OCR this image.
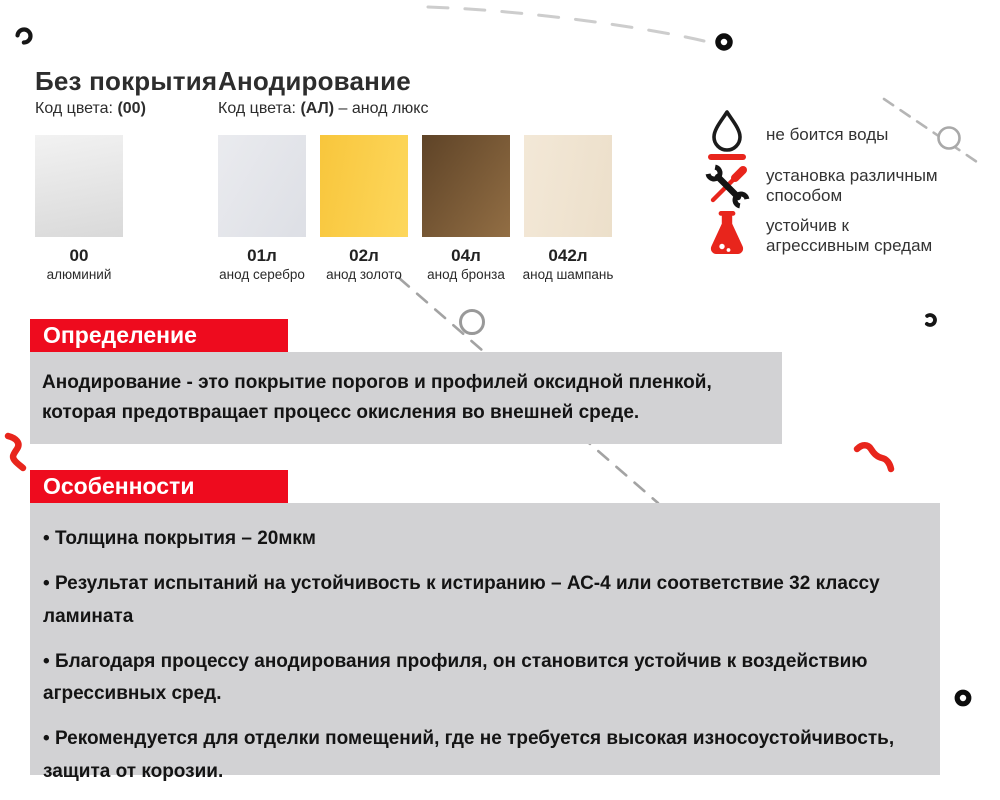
Без покрытия
Код цвета: (00)
Анодирование
Код цвета: (АЛ) – анод люкс
00
алюминий
01л
анод серебро
02л
анод золото
04л
анод бронза
042л
анод шампань
не боится воды
установка различным
способом
устойчив к
агрессивным средам
Определение
Анодирование - это покрытие порогов и профилей оксидной пленкой, которая предотвращает процесс окисления во внешней среде.
Особенности

• Толщина покрытия – 20мкм

• Результат испытаний на устойчивость к истиранию – АС-4 или соответствие 32 классу ламината

• Благодаря процессу анодирования профиля, он становится устойчив к воздействию агрессивных сред.

• Рекомендуется для отделки помещений, где не требуется высокая износоустойчивость, защита от корозии.
